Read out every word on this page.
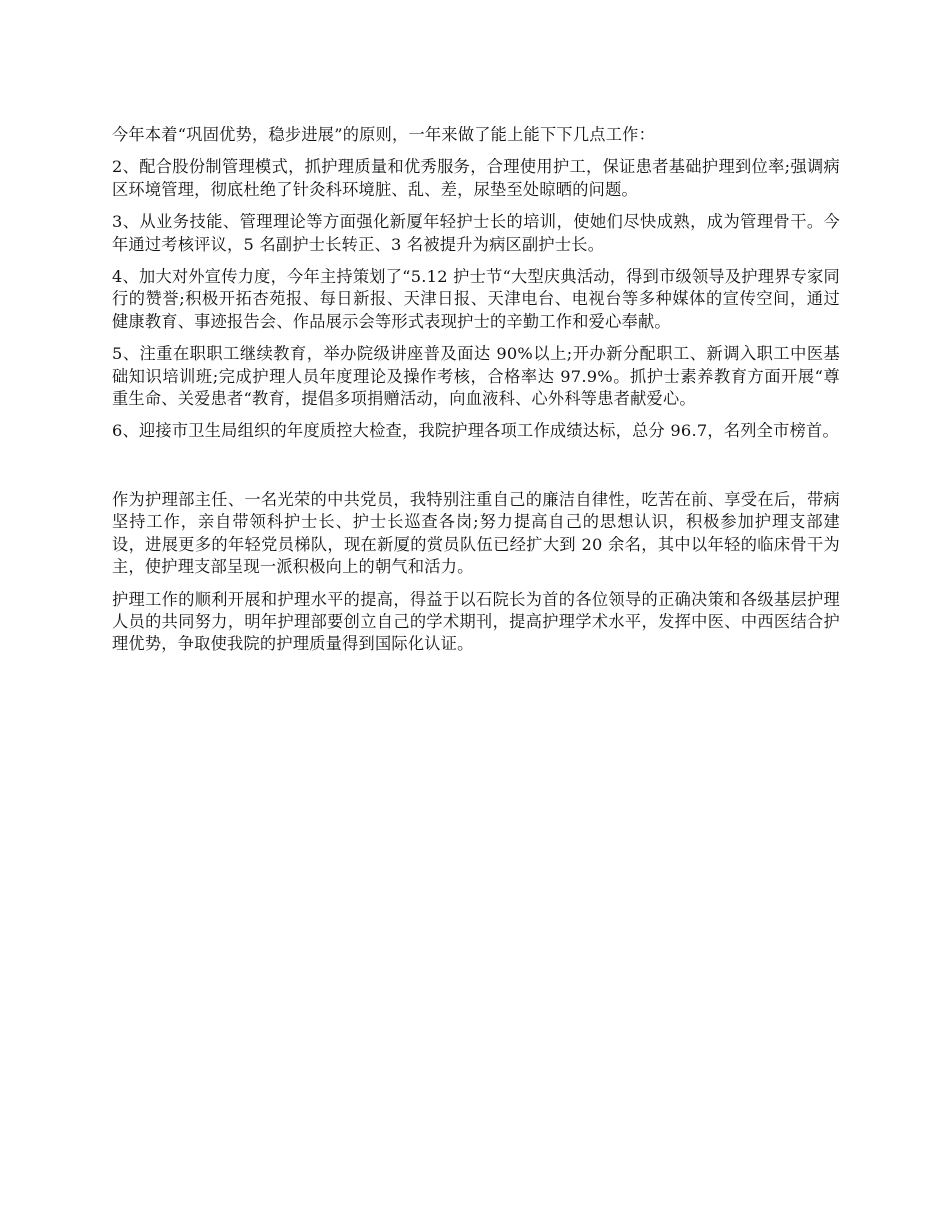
今年本着“巩固优势，稳步进展”的原则，一年来做了能上能下下几点工作：

2、配合股份制管理模式，抓护理质量和优秀服务，合理使用护工，保证患者基础护理到位率;强调病区环境管理，彻底杜绝了针灸科环境脏、乱、差，尿垫至处晾晒的问题。

3、从业务技能、管理理论等方面强化新厦年轻护士长的培训，使她们尽快成熟，成为管理骨干。今年通过考核评议，5 名副护士长转正、3 名被提升为病区副护士长。

4、加大对外宣传力度，今年主持策划了“5.12 护士节“大型庆典活动，得到市级领导及护理界专家同行的赞誉;积极开拓杏苑报、每日新报、天津日报、天津电台、电视台等多种媒体的宣传空间，通过健康教育、事迹报告会、作品展示会等形式表现护士的辛勤工作和爱心奉献。

5、注重在职职工继续教育，举办院级讲座普及面达 90%以上;开办新分配职工、新调入职工中医基础知识培训班;完成护理人员年度理论及操作考核，合格率达 97.9%。抓护士素养教育方面开展“尊重生命、关爱患者“教育，提倡多项捐赠活动，向血液科、心外科等患者献爱心。

6、迎接市卫生局组织的年度质控大检查，我院护理各项工作成绩达标，总分 96.7，名列全市榜首。

作为护理部主任、一名光荣的中共党员，我特别注重自己的廉洁自律性，吃苦在前、享受在后，带病坚持工作，亲自带领科护士长、护士长巡查各岗;努力提高自己的思想认识，积极参加护理支部建设，进展更多的年轻党员梯队，现在新厦的赏员队伍已经扩大到 20 余名，其中以年轻的临床骨干为主，使护理支部呈现一派积极向上的朝气和活力。

护理工作的顺利开展和护理水平的提高，得益于以石院长为首的各位领导的正确决策和各级基层护理人员的共同努力，明年护理部要创立自己的学术期刊，提高护理学术水平，发挥中医、中西医结合护理优势，争取使我院的护理质量得到国际化认证。
